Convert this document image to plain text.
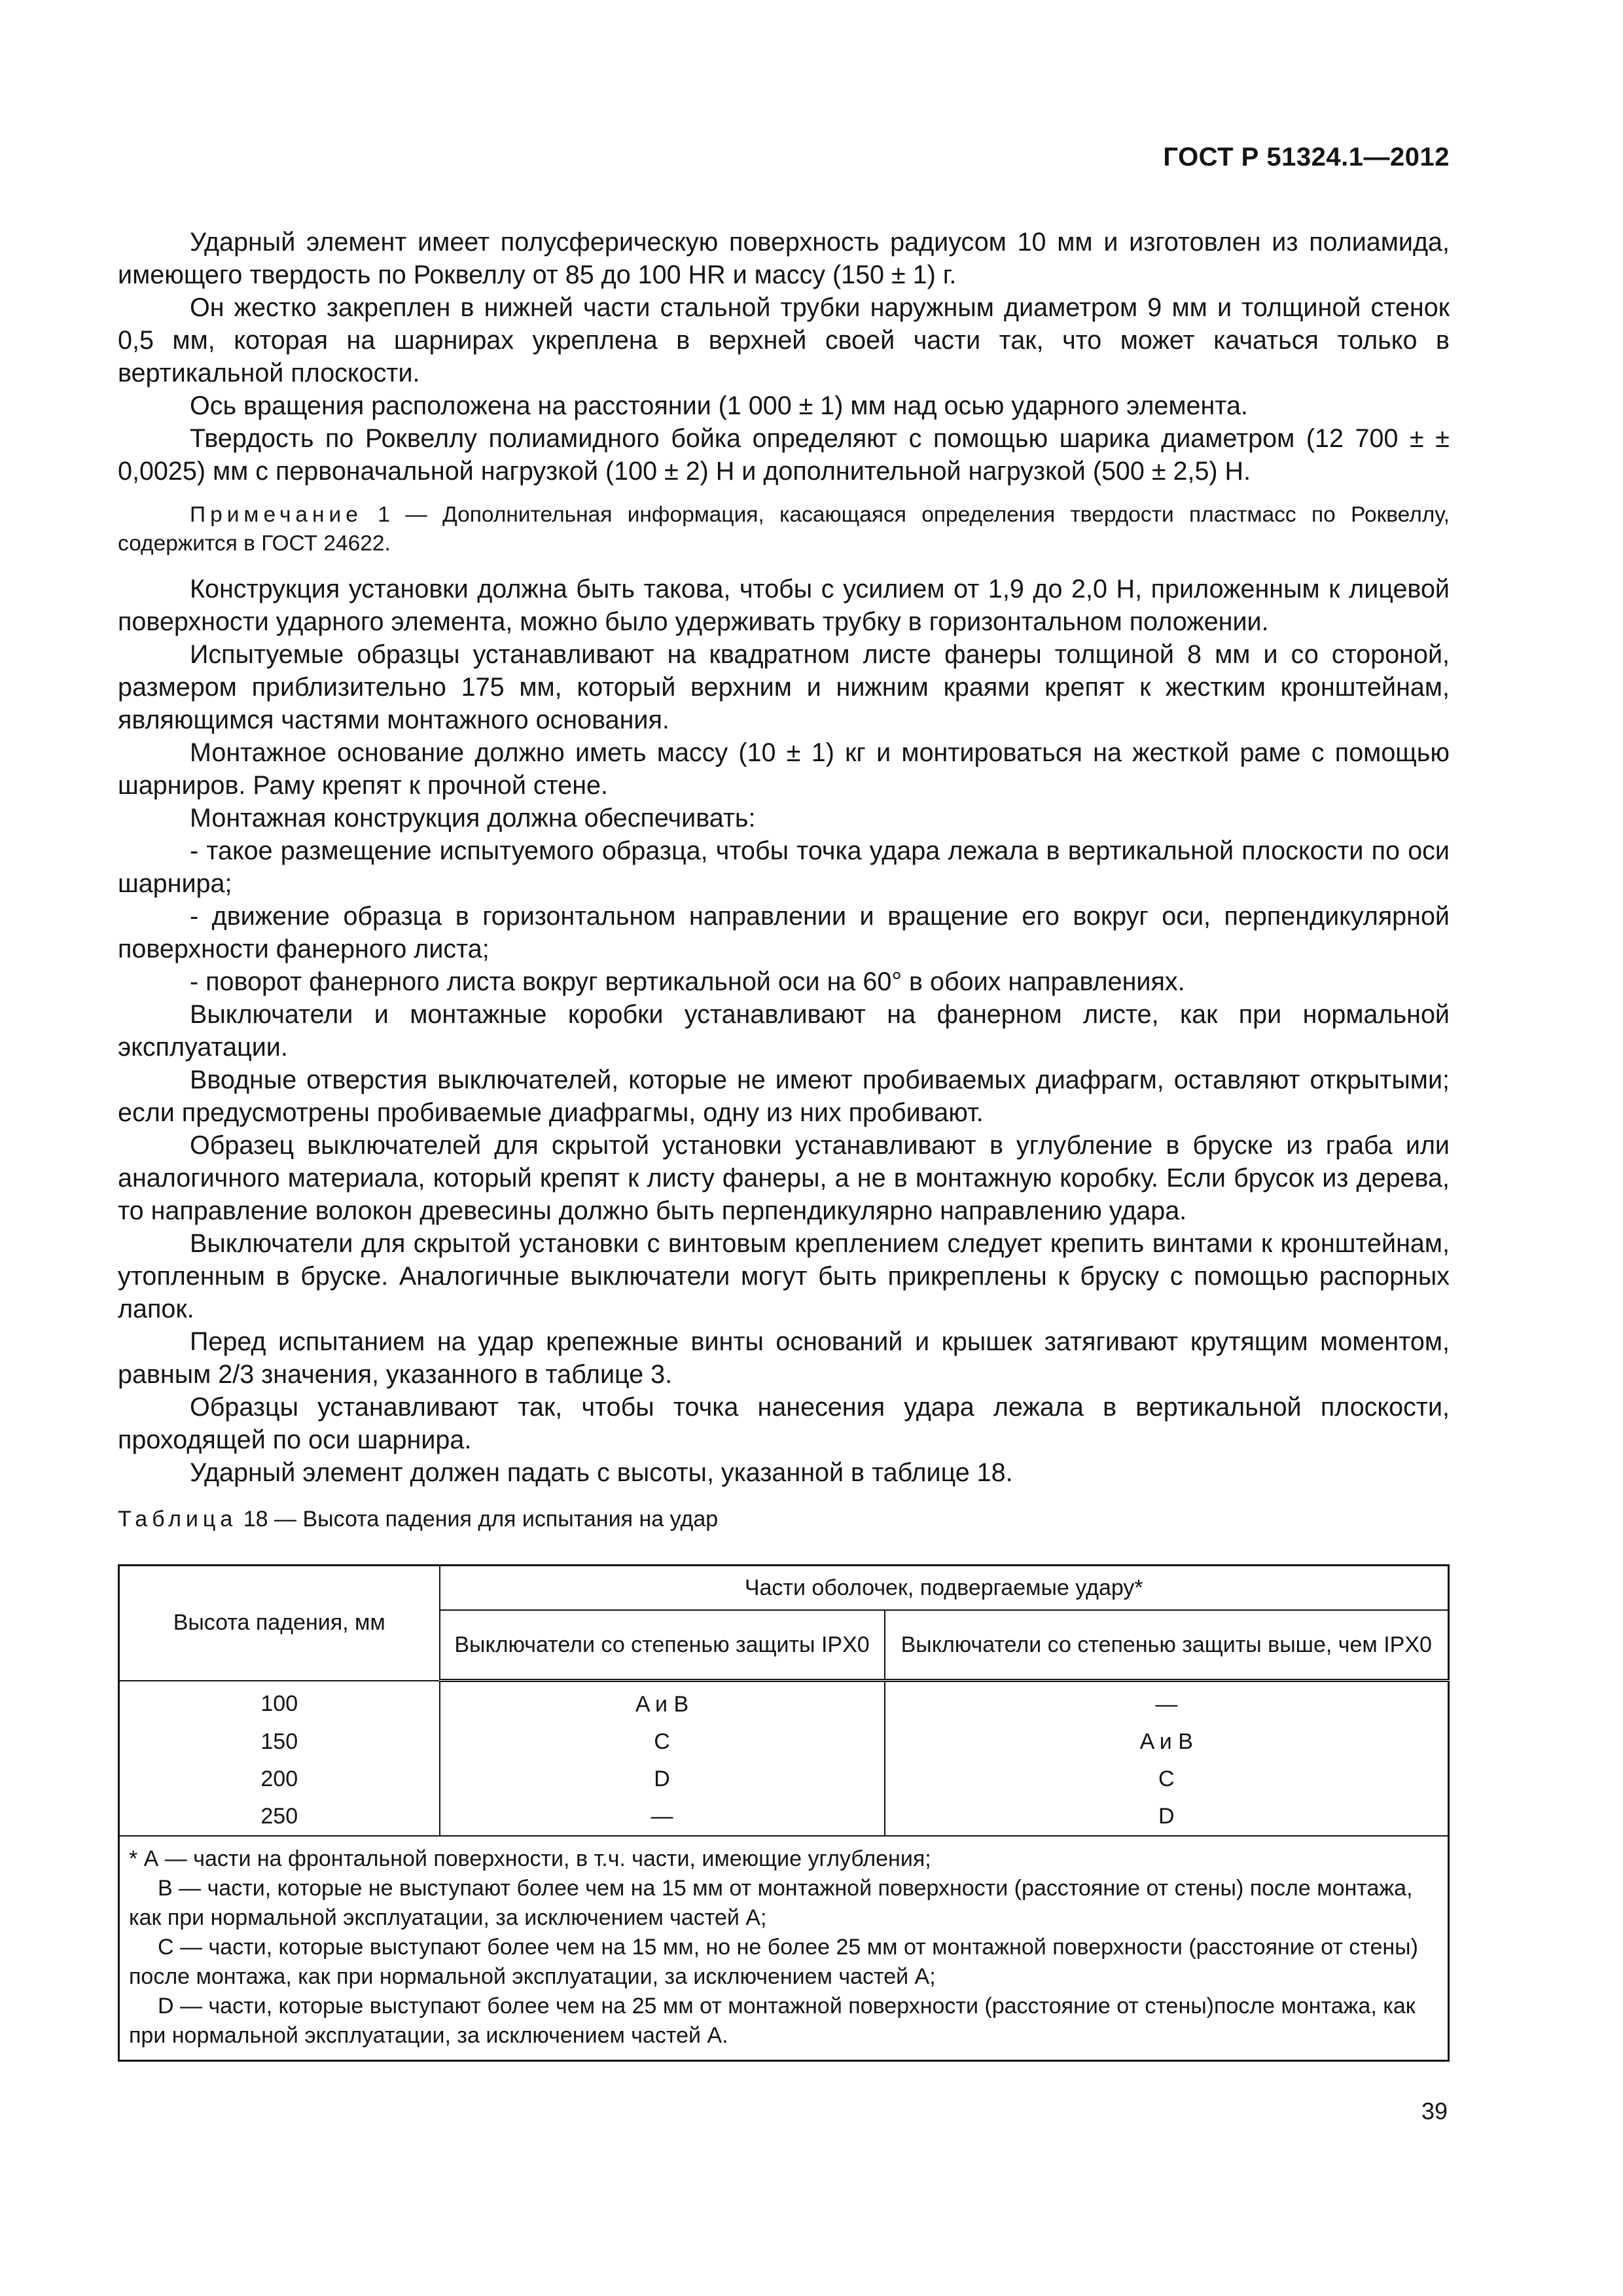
ГОСТ Р 51324.1—2012

Ударный элемент имеет полусферическую поверхность радиусом 10 мм и изготовлен из полиамида, имеющего твердость по Роквеллу от 85 до 100 HR и массу (150 ± 1) г.

Он жестко закреплен в нижней части стальной трубки наружным диаметром 9 мм и толщиной стенок 0,5 мм, которая на шарнирах укреплена в верхней своей части так, что может качаться только в вертикальной плоскости.

Ось вращения расположена на расстоянии (1 000 ± 1) мм над осью ударного элемента.

Твердость по Роквеллу полиамидного бойка определяют с помощью шарика диаметром (12 700 ± ± 0,0025) мм с первоначальной нагрузкой (100 ± 2) Н и дополнительной нагрузкой (500 ± 2,5) Н.

Примечание 1 — Дополнительная информация, касающаяся определения твердости пластмасс по Роквеллу, содержится в ГОСТ 24622.

Конструкция установки должна быть такова, чтобы с усилием от 1,9 до 2,0 Н, приложенным к лицевой поверхности ударного элемента, можно было удерживать трубку в горизонтальном положении.

Испытуемые образцы устанавливают на квадратном листе фанеры толщиной 8 мм и со стороной, размером приблизительно 175 мм, который верхним и нижним краями крепят к жестким кронштейнам, являющимся частями монтажного основания.

Монтажное основание должно иметь массу (10 ± 1) кг и монтироваться на жесткой раме с помощью шарниров. Раму крепят к прочной стене.

Монтажная конструкция должна обеспечивать:

- такое размещение испытуемого образца, чтобы точка удара лежала в вертикальной плоскости по оси шарнира;

- движение образца в горизонтальном направлении и вращение его вокруг оси, перпендикулярной поверхности фанерного листа;

- поворот фанерного листа вокруг вертикальной оси на 60° в обоих направлениях.

Выключатели и монтажные коробки устанавливают на фанерном листе, как при нормальной эксплуатации.

Вводные отверстия выключателей, которые не имеют пробиваемых диафрагм, оставляют открытыми; если предусмотрены пробиваемые диафрагмы, одну из них пробивают.

Образец выключателей для скрытой установки устанавливают в углубление в бруске из граба или аналогичного материала, который крепят к листу фанеры, а не в монтажную коробку. Если брусок из дерева, то направление волокон древесины должно быть перпендикулярно направлению удара.

Выключатели для скрытой установки с винтовым креплением следует крепить винтами к кронштейнам, утопленным в бруске. Аналогичные выключатели могут быть прикреплены к бруску с помощью распорных лапок.

Перед испытанием на удар крепежные винты оснований и крышек затягивают крутящим моментом, равным 2/3 значения, указанного в таблице 3.

Образцы устанавливают так, чтобы точка нанесения удара лежала в вертикальной плоскости, проходящей по оси шарнира.

Ударный элемент должен падать с высоты, указанной в таблице 18.

Таблица 18 — Высота падения для испытания на удар

Высота падения, мм	Части оболочек, подвергаемые удару*	
	Выключатели со степенью защиты IPX0	Выключатели со степенью защиты выше, чем IPX0
100	A и B	—
150	C	A и B
200	D	C
250	—	D

* А — части на фронтальной поверхности, в т.ч. части, имеющие углубления;
В — части, которые не выступают более чем на 15 мм от монтажной поверхности (расстояние от стены) после монтажа, как при нормальной эксплуатации, за исключением частей А;
С — части, которые выступают более чем на 15 мм, но не более 25 мм от монтажной поверхности (расстояние от стены) после монтажа, как при нормальной эксплуатации, за исключением частей А;
D — части, которые выступают более чем на 25 мм от монтажной поверхности (расстояние от стены)после монтажа, как при нормальной эксплуатации, за исключением частей А.		
39
